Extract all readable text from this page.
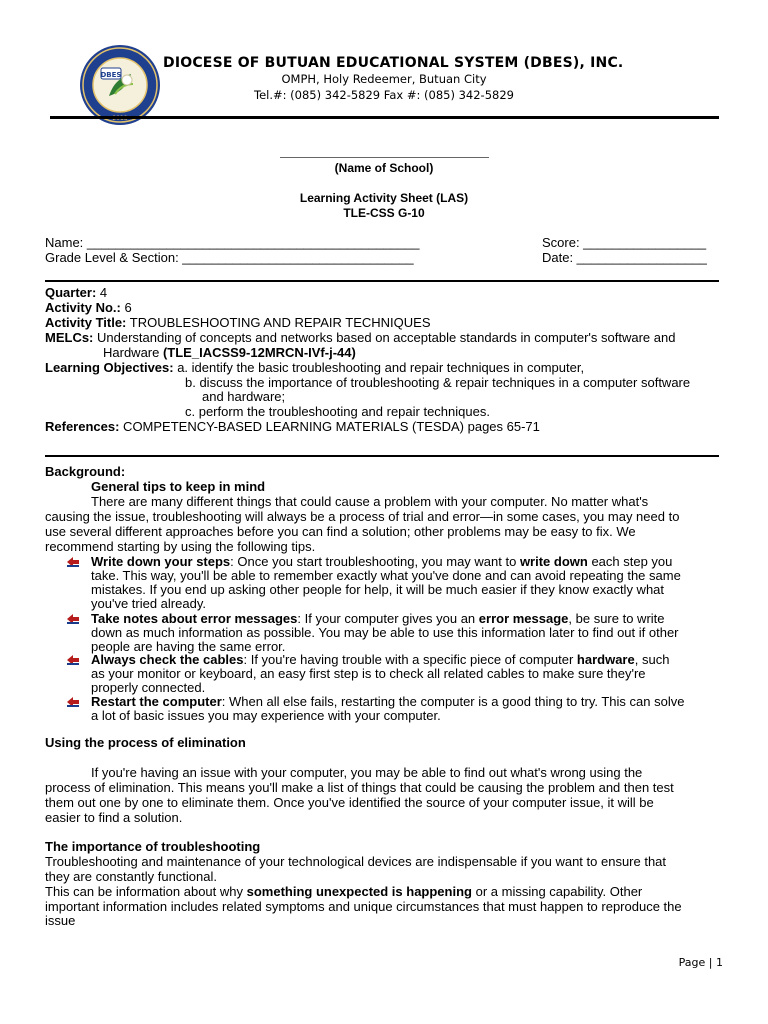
DBES
DIOCESE OF BUTUAN EDUCATIONAL SYSTEM (DBES), INC.
OMPH, Holy Redeemer, Butuan City
Tel.#: (085) 342-5829 Fax #: (085) 342-5829
(Name of School)
Learning Activity Sheet (LAS)
TLE-CSS G-10
Name: ______________________________________________	Score: _________________
Grade Level & Section: ________________________________	Date: __________________
Quarter: 4
Activity No.: 6
Activity Title: TROUBLESHOOTING AND REPAIR TECHNIQUES
MELCs: Understanding of concepts and networks based on acceptable standards in computer's software and
Hardware (TLE_IACSS9-12MRCN-IVf-j-44)
Learning Objectives: a. identify the basic troubleshooting and repair techniques in computer,
b. discuss the importance of troubleshooting & repair techniques in a computer software
and hardware;
c. perform the troubleshooting and repair techniques.
References: COMPETENCY-BASED LEARNING MATERIALS (TESDA) pages 65-71
Background:
General tips to keep in mind
There are many different things that could cause a problem with your computer. No matter what's
causing the issue, troubleshooting will always be a process of trial and error—in some cases, you may need to
use several different approaches before you can find a solution; other problems may be easy to fix. We
recommend starting by using the following tips.
Write down your steps: Once you start troubleshooting, you may want to write down each step you
take. This way, you'll be able to remember exactly what you've done and can avoid repeating the same
mistakes. If you end up asking other people for help, it will be much easier if they know exactly what
you've tried already.
Take notes about error messages: If your computer gives you an error message, be sure to write
down as much information as possible. You may be able to use this information later to find out if other
people are having the same error.
Always check the cables: If you're having trouble with a specific piece of computer hardware, such
as your monitor or keyboard, an easy first step is to check all related cables to make sure they're
properly connected.
Restart the computer: When all else fails, restarting the computer is a good thing to try. This can solve
a lot of basic issues you may experience with your computer.
Using the process of elimination
If you're having an issue with your computer, you may be able to find out what's wrong using the
process of elimination. This means you'll make a list of things that could be causing the problem and then test
them out one by one to eliminate them. Once you've identified the source of your computer issue, it will be
easier to find a solution.
The importance of troubleshooting
Troubleshooting and maintenance of your technological devices are indispensable if you want to ensure that
they are constantly functional.
This can be information about why something unexpected is happening or a missing capability. Other
important information includes related symptoms and unique circumstances that must happen to reproduce the
issue
Page | 1
